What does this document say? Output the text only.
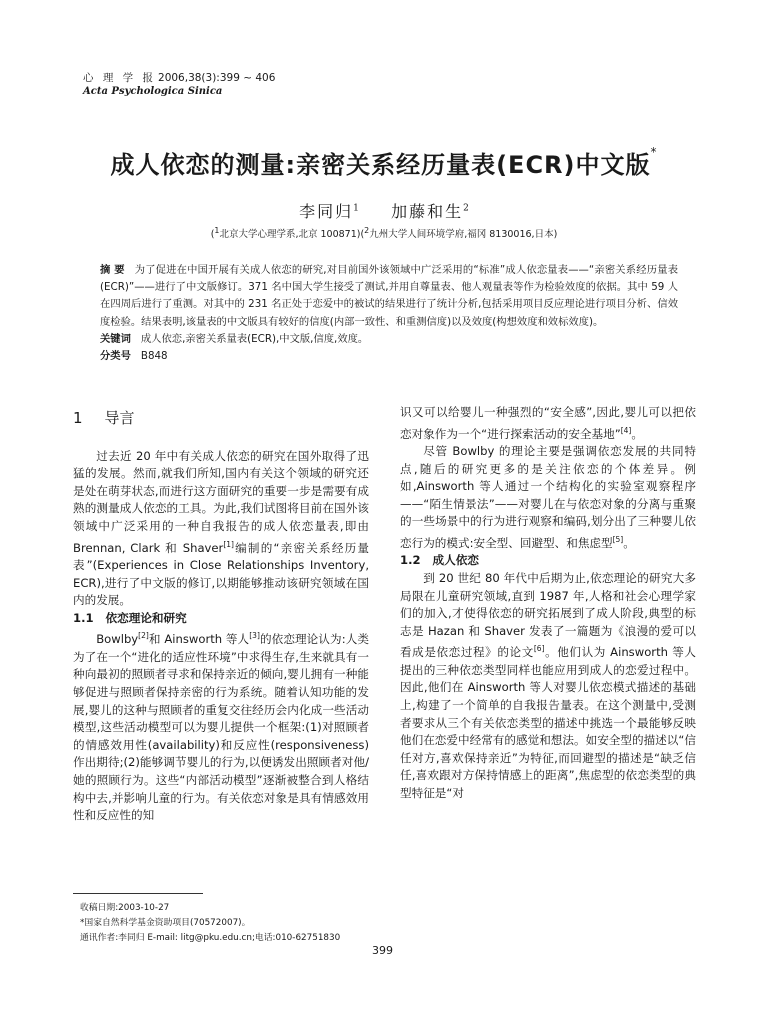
心 理 学 报 2006,38(3):399 ~ 406
Acta Psychologica Sinica
成人依恋的测量:亲密关系经历量表(ECR)中文版*
李同归$^1$ 加藤和生$^2$
($^1$北京大学心理学系,北京 100871)($^2$九州大学人间环境学府,福冈 8130016,日本)

摘 要 为了促进在中国开展有关成人依恋的研究,对目前国外该领域中广泛采用的“标准”成人依恋量表——“亲密关系经历量表(ECR)”——进行了中文版修订。371 名中国大学生接受了测试,并用自尊量表、他人观量表等作为检验效度的依据。其中 59 人在四周后进行了重测。对其中的 231 名正处于恋爱中的被试的结果进行了统计分析,包括采用项目反应理论进行项目分析、信效度检验。结果表明,该量表的中文版具有较好的信度(内部一致性、和重测信度)以及效度(构想效度和效标效度)。

关键词 成人依恋,亲密关系量表(ECR),中文版,信度,效度。

分类号 B848

1 导言

过去近 20 年中有关成人依恋的研究在国外取得了迅猛的发展。然而,就我们所知,国内有关这个领域的研究还是处在萌芽状态,而进行这方面研究的重要一步是需要有成熟的测量成人依恋的工具。为此,我们试图将目前在国外该领域中广泛采用的一种自我报告的成人依恋量表,即由 Brennan, Clark 和 Shaver[1]编制的“亲密关系经历量表”(Experiences in Close Relationships Inventory, ECR),进行了中文版的修订,以期能够推动该研究领域在国内的发展。

1.1 依恋理论和研究

Bowlby[2]和 Ainsworth 等人[3]的依恋理论认为:人类为了在一个“进化的适应性环境”中求得生存,生来就具有一种向最初的照顾者寻求和保持亲近的倾向,婴儿拥有一种能够促进与照顾者保持亲密的行为系统。随着认知功能的发展,婴儿的这种与照顾者的重复交往经历会内化成一些活动模型,这些活动模型可以为婴儿提供一个框架:(1)对照顾者的情感效用性(availability)和反应性(responsiveness)作出期待;(2)能够调节婴儿的行为,以便诱发出照顾者对他/她的照顾行为。这些“内部活动模型”逐渐被整合到人格结构中去,并影响儿童的行为。有关依恋对象是具有情感效用性和反应性的知

识又可以给婴儿一种强烈的“安全感”,因此,婴儿可以把依恋对象作为一个“进行探索活动的安全基地”[4]。

尽管 Bowlby 的理论主要是强调依恋发展的共同特点,随后的研究更多的是关注依恋的个体差异。例如,Ainsworth 等人通过一个结构化的实验室观察程序——“陌生情景法”——对婴儿在与依恋对象的分离与重聚的一些场景中的行为进行观察和编码,划分出了三种婴儿依恋行为的模式:安全型、回避型、和焦虑型[5]。

1.2 成人依恋

到 20 世纪 80 年代中后期为止,依恋理论的研究大多局限在儿童研究领域,直到 1987 年,人格和社会心理学家们的加入,才使得依恋的研究拓展到了成人阶段,典型的标志是 Hazan 和 Shaver 发表了一篇题为《浪漫的爱可以看成是依恋过程》的论文[6]。他们认为 Ainsworth 等人提出的三种依恋类型同样也能应用到成人的恋爱过程中。因此,他们在 Ainsworth 等人对婴儿依恋模式描述的基础上,构建了一个简单的自我报告量表。在这个测量中,受测者要求从三个有关依恋类型的描述中挑选一个最能够反映他们在恋爱中经常有的感觉和想法。如安全型的描述以“信任对方,喜欢保持亲近”为特征,而回避型的描述是“缺乏信任,喜欢跟对方保持情感上的距离”,焦虑型的依恋类型的典型特征是“对

收稿日期:2003-10-27
*国家自然科学基金资助项目(70572007)。
通讯作者:李同归 E-mail: litg@pku.edu.cn;电话:010-62751830
399
